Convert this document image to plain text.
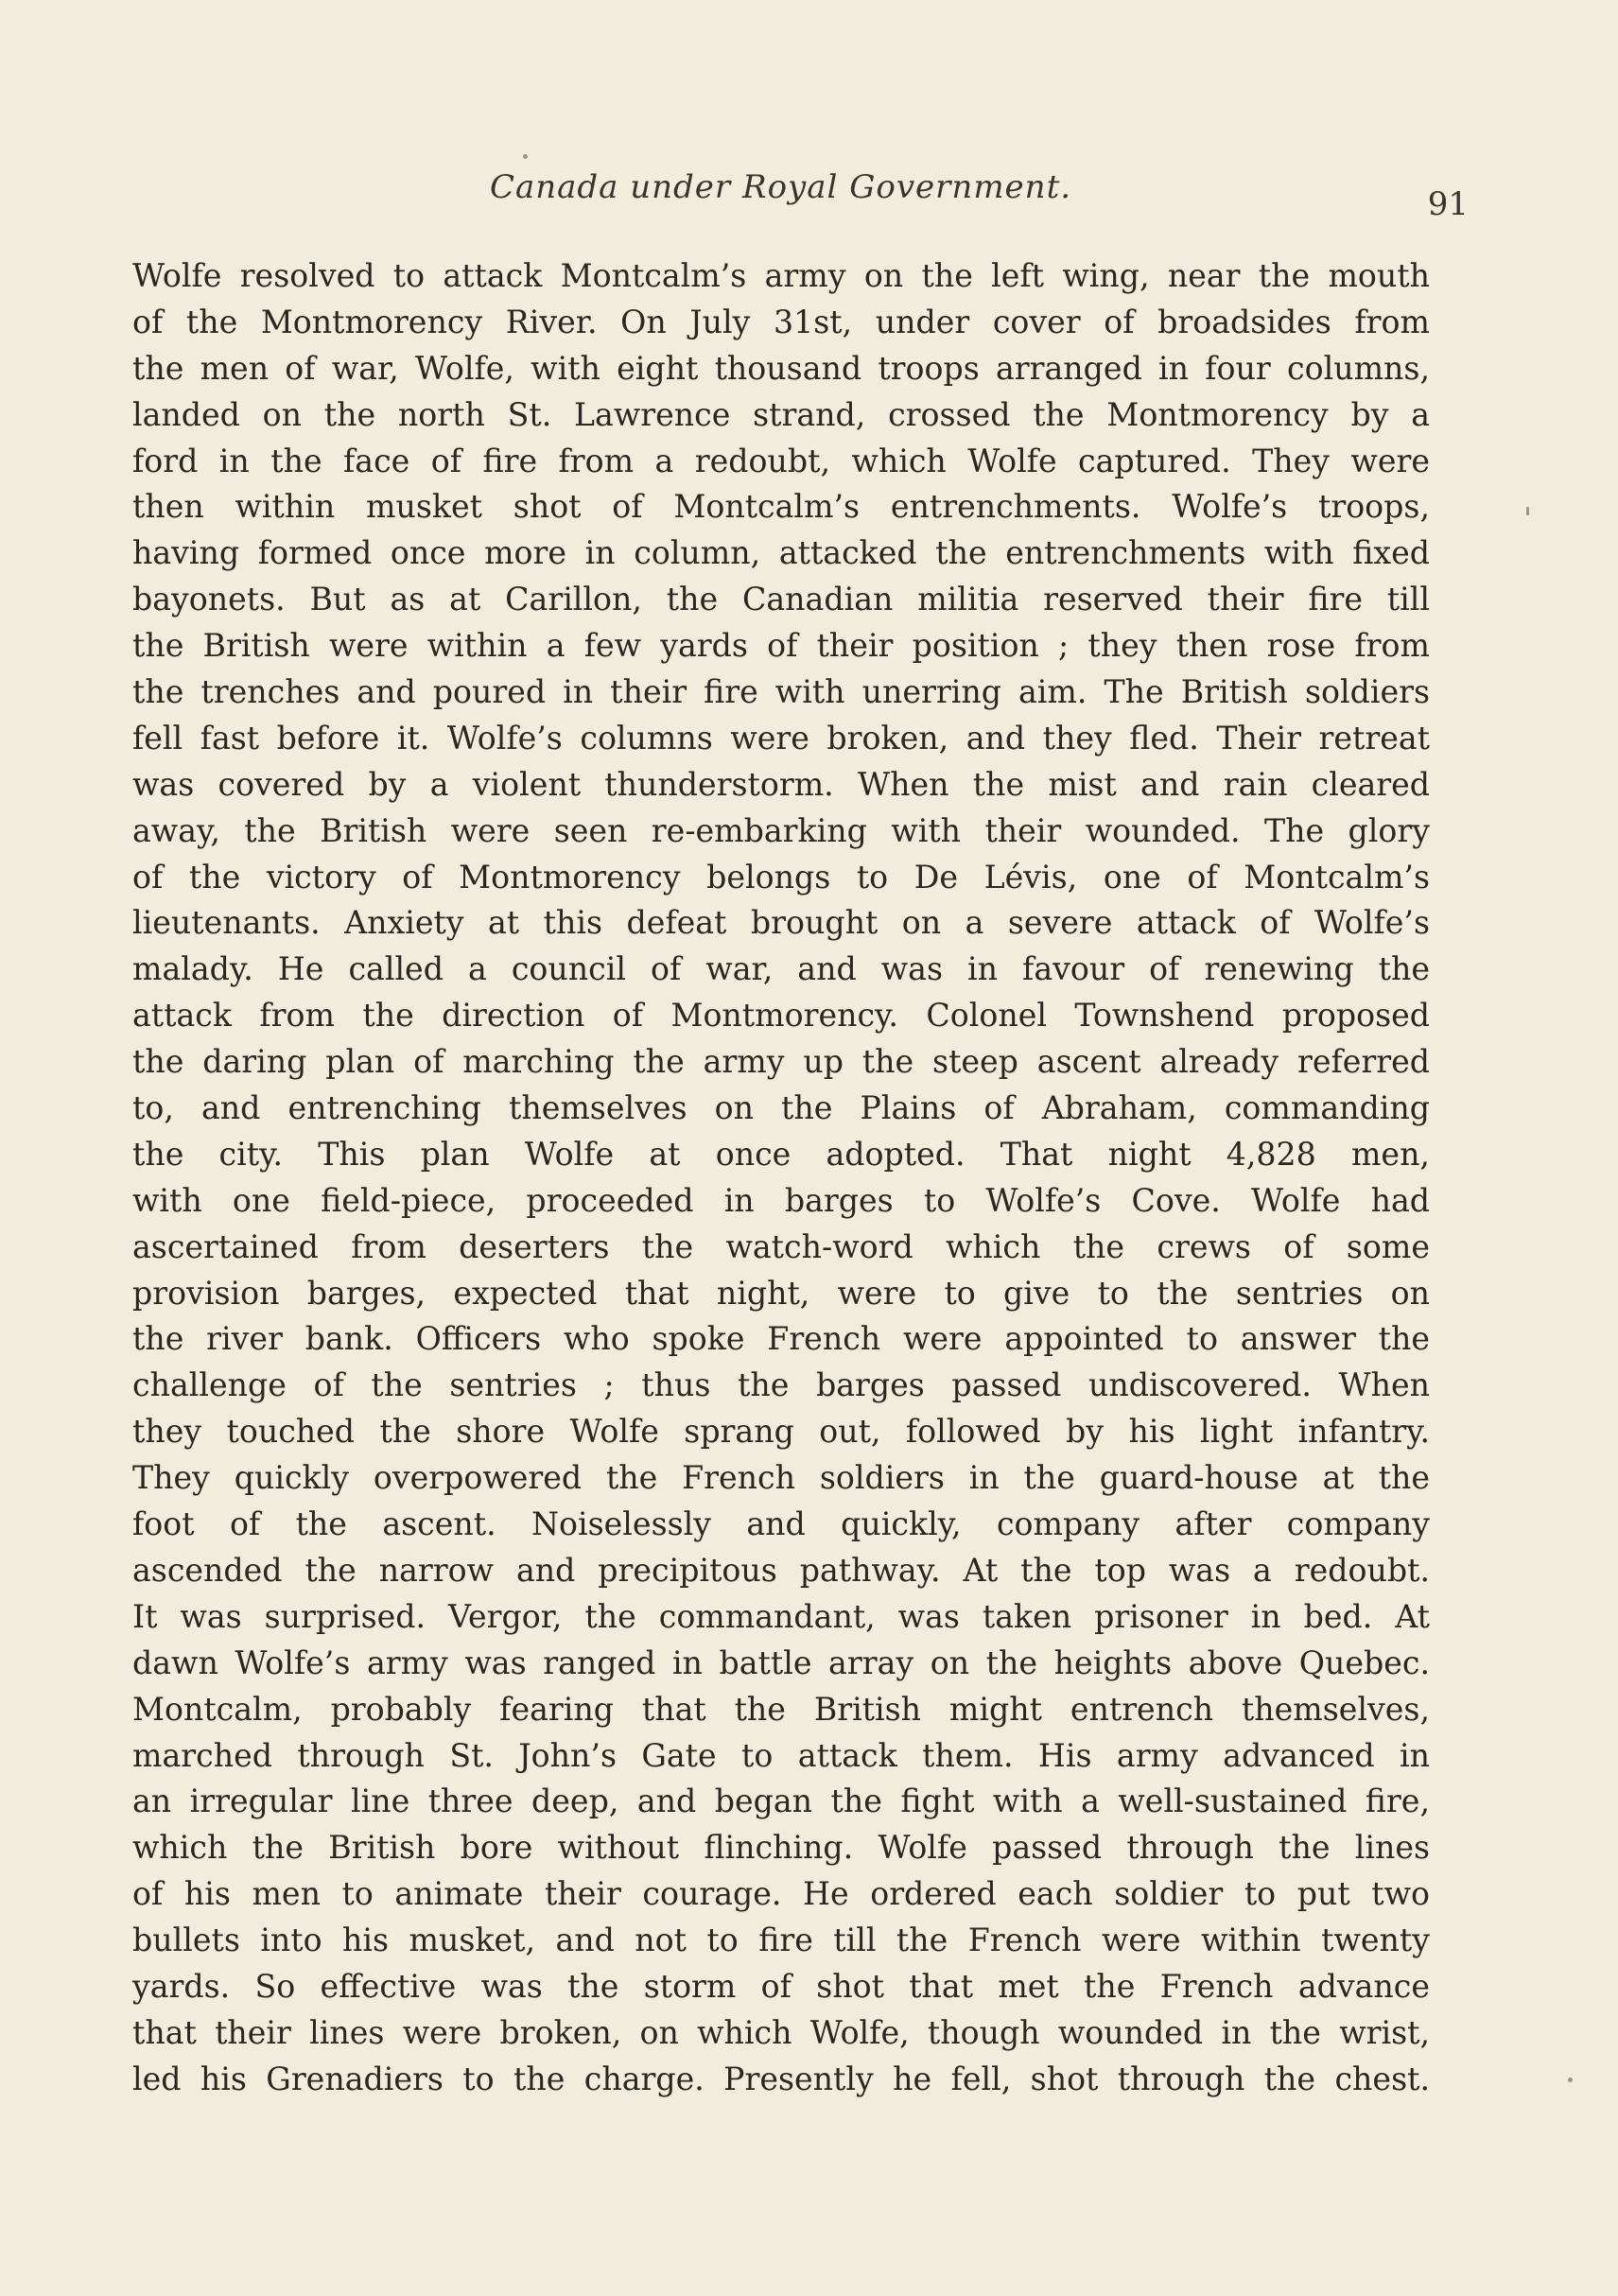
Canada under Royal Government.	91
Wolfe resolved to attack Montcalm’s army on the left wing, near the mouth
of the Montmorency River. On July 31st, under cover of broadsides from
the men of war, Wolfe, with eight thousand troops arranged in four columns,
landed on the north St. Lawrence strand, crossed the Montmorency by a
ford in the face of fire from a redoubt, which Wolfe captured. They were
then within musket shot of Montcalm’s entrenchments. Wolfe’s troops,
having formed once more in column, attacked the entrenchments with fixed
bayonets. But as at Carillon, the Canadian militia reserved their fire till
the British were within a few yards of their position ; they then rose from
the trenches and poured in their fire with unerring aim. The British soldiers
fell fast before it. Wolfe’s columns were broken, and they fled. Their retreat
was covered by a violent thunderstorm. When the mist and rain cleared
away, the British were seen re-embarking with their wounded. The glory
of the victory of Montmorency belongs to De Lévis, one of Montcalm’s
lieutenants. Anxiety at this defeat brought on a severe attack of Wolfe’s
malady. He called a council of war, and was in favour of renewing the
attack from the direction of Montmorency. Colonel Townshend proposed
the daring plan of marching the army up the steep ascent already referred
to, and entrenching themselves on the Plains of Abraham, commanding
the city. This plan Wolfe at once adopted. That night 4,828 men,
with one field-piece, proceeded in barges to Wolfe’s Cove. Wolfe had
ascertained from deserters the watch-word which the crews of some
provision barges, expected that night, were to give to the sentries on
the river bank. Officers who spoke French were appointed to answer the
challenge of the sentries ; thus the barges passed undiscovered. When
they touched the shore Wolfe sprang out, followed by his light infantry.
They quickly overpowered the French soldiers in the guard-house at the
foot of the ascent. Noiselessly and quickly, company after company
ascended the narrow and precipitous pathway. At the top was a redoubt.
It was surprised. Vergor, the commandant, was taken prisoner in bed. At
dawn Wolfe’s army was ranged in battle array on the heights above Quebec.
Montcalm, probably fearing that the British might entrench themselves,
marched through St. John’s Gate to attack them. His army advanced in
an irregular line three deep, and began the fight with a well-sustained fire,
which the British bore without flinching. Wolfe passed through the lines
of his men to animate their courage. He ordered each soldier to put two
bullets into his musket, and not to fire till the French were within twenty
yards. So effective was the storm of shot that met the French advance
that their lines were broken, on which Wolfe, though wounded in the wrist,
led his Grenadiers to the charge. Presently he fell, shot through the chest.
